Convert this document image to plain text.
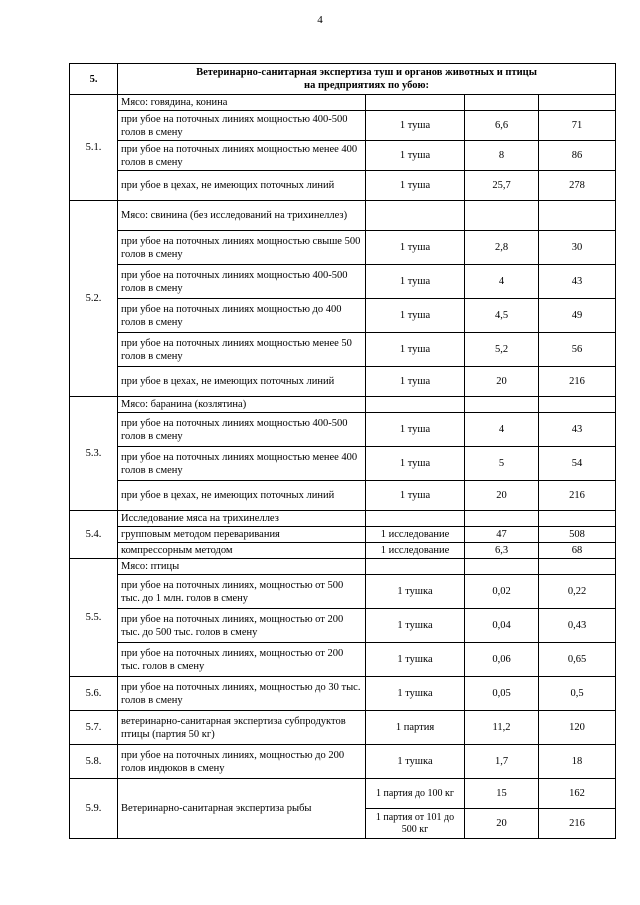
4
5.	Ветеринарно-санитарная экспертиза туш и органов животных и птицы
на предприятиях по убою:			

5.1.	Мясо: говядина, конина			
	при убое на поточных линиях мощностью 400-500 голов в смену	1 туша	6,6	71
	при убое на поточных линиях мощностью менее 400 голов в смену	1 туша	8	86
	при убое в цехах, не имеющих поточных линий	1 туша	25,7	278
5.2.	Мясо: свинина (без исследований на трихинеллез)			
	при убое на поточных линиях мощностью свыше 500 голов в смену	1 туша	2,8	30
	при убое на поточных линиях мощностью 400-500 голов в смену	1 туша	4	43
	при убое на поточных линиях мощностью до 400 голов в смену	1 туша	4,5	49
	при убое на поточных линиях мощностью менее 50 голов в смену	1 туша	5,2	56
	при убое в цехах, не имеющих поточных линий	1 туша	20	216
5.3.	Мясо: баранина (козлятина)			
	при убое на поточных линиях мощностью 400-500 голов в смену	1 туша	4	43
	при убое на поточных линиях мощностью менее 400 голов в смену	1 туша	5	54
	при убое в цехах, не имеющих поточных линий	1 туша	20	216
5.4.	Исследование мяса на трихинеллез			
	групповым методом переваривания	1 исследование	47	508
	компрессорным методом	1 исследование	6,3	68
5.5.	Мясо: птицы			
	при убое на поточных линиях, мощностью от 500 тыс. до 1 млн. голов в смену	1 тушка	0,02	0,22
	при убое на поточных линиях, мощностью от 200 тыс. до 500 тыс. голов в смену	1 тушка	0,04	0,43
	при убое на поточных линиях, мощностью от 200 тыс. голов в смену	1 тушка	0,06	0,65
5.6.	при убое на поточных линиях, мощностью до 30 тыс. голов в смену	1 тушка	0,05	0,5
5.7.	ветеринарно-санитарная экспертиза субпродуктов птицы (партия 50 кг)	1 партия	11,2	120
5.8.	при убое на поточных линиях, мощностью до 200 голов индюков в смену	1 тушка	1,7	18
5.9.	Ветеринарно-санитарная экспертиза рыбы	1 партия до 100 кг	15	162
		1 партия от 101 до 500 кг	20	216
